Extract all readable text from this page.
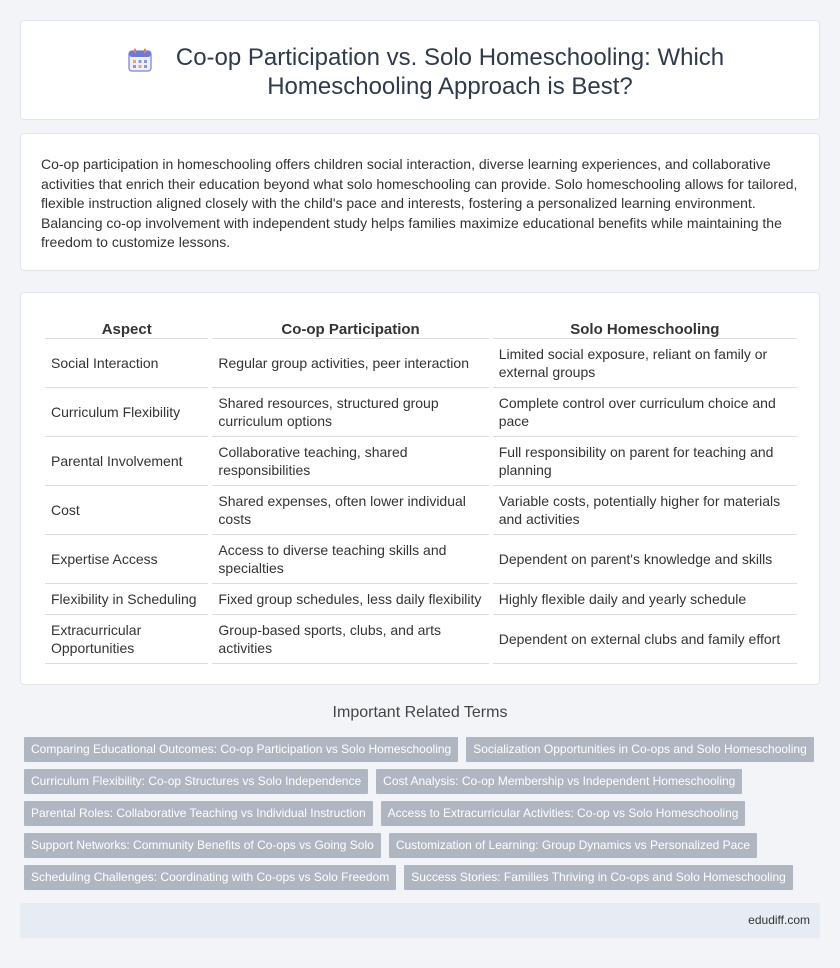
Co-op Participation vs. Solo Homeschooling: Which Homeschooling Approach is Best?

Co-op participation in homeschooling offers children social interaction, diverse learning experiences, and collaborative activities that enrich their education beyond what solo homeschooling can provide. Solo homeschooling allows for tailored, flexible instruction aligned closely with the child's pace and interests, fostering a personalized learning environment. Balancing co-op involvement with independent study helps families maximize educational benefits while maintaining the freedom to customize lessons.

Aspect	Co-op Participation	Solo Homeschooling
Social Interaction	Regular group activities, peer interaction	Limited social exposure, reliant on family or external groups
Curriculum Flexibility	Shared resources, structured group curriculum options	Complete control over curriculum choice and pace
Parental Involvement	Collaborative teaching, shared responsibilities	Full responsibility on parent for teaching and planning
Cost	Shared expenses, often lower individual costs	Variable costs, potentially higher for materials and activities
Expertise Access	Access to diverse teaching skills and specialties	Dependent on parent's knowledge and skills
Flexibility in Scheduling	Fixed group schedules, less daily flexibility	Highly flexible daily and yearly schedule
Extracurricular Opportunities	Group-based sports, clubs, and arts activities	Dependent on external clubs and family effort
Important Related Terms
Comparing Educational Outcomes: Co-op Participation vs Solo Homeschooling	Socialization Opportunities in Co-ops and Solo Homeschooling
Curriculum Flexibility: Co-op Structures vs Solo Independence	Cost Analysis: Co-op Membership vs Independent Homeschooling
Parental Roles: Collaborative Teaching vs Individual Instruction	Access to Extracurricular Activities: Co-op vs Solo Homeschooling
Support Networks: Community Benefits of Co-ops vs Going Solo	Customization of Learning: Group Dynamics vs Personalized Pace
Scheduling Challenges: Coordinating with Co-ops vs Solo Freedom	Success Stories: Families Thriving in Co-ops and Solo Homeschooling
edudiff.com
